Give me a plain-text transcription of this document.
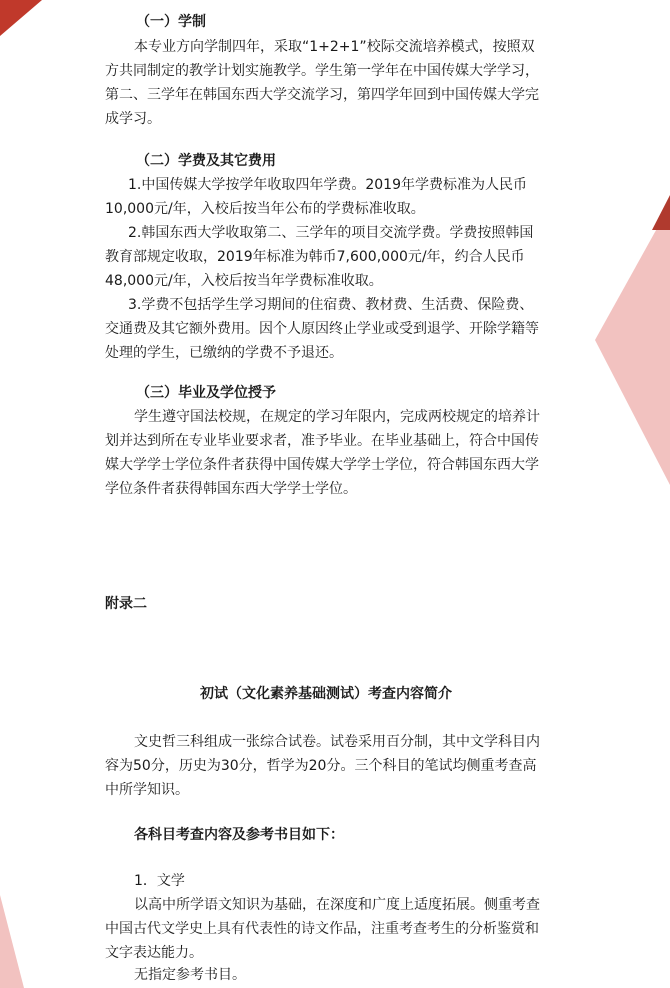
（一）学制
本专业方向学制四年，采取“1+2+1”校际交流培养模式，按照双
方共同制定的教学计划实施教学。学生第一学年在中国传媒大学学习，
第二、三学年在韩国东西大学交流学习，第四学年回到中国传媒大学完
成学习。
（二）学费及其它费用
1.中国传媒大学按学年收取四年学费。2019年学费标准为人民币
10,000元/年，入校后按当年公布的学费标准收取。
2.韩国东西大学收取第二、三学年的项目交流学费。学费按照韩国
教育部规定收取，2019年标准为韩币7,600,000元/年，约合人民币
48,000元/年，入校后按当年学费标准收取。
3.学费不包括学生学习期间的住宿费、教材费、生活费、保险费、
交通费及其它额外费用。因个人原因终止学业或受到退学、开除学籍等
处理的学生，已缴纳的学费不予退还。
（三）毕业及学位授予
学生遵守国法校规，在规定的学习年限内，完成两校规定的培养计
划并达到所在专业毕业要求者，准予毕业。在毕业基础上，符合中国传
媒大学学士学位条件者获得中国传媒大学学士学位，符合韩国东西大学
学位条件者获得韩国东西大学学士学位。
附录二
初试（文化素养基础测试）考查内容简介
文史哲三科组成一张综合试卷。试卷采用百分制，其中文学科目内
容为50分，历史为30分，哲学为20分。三个科目的笔试均侧重考查高
中所学知识。
各科目考查内容及参考书目如下：
1．文学
以高中所学语文知识为基础，在深度和广度上适度拓展。侧重考查
中国古代文学史上具有代表性的诗文作品，注重考查考生的分析鉴赏和
文字表达能力。
无指定参考书目。
